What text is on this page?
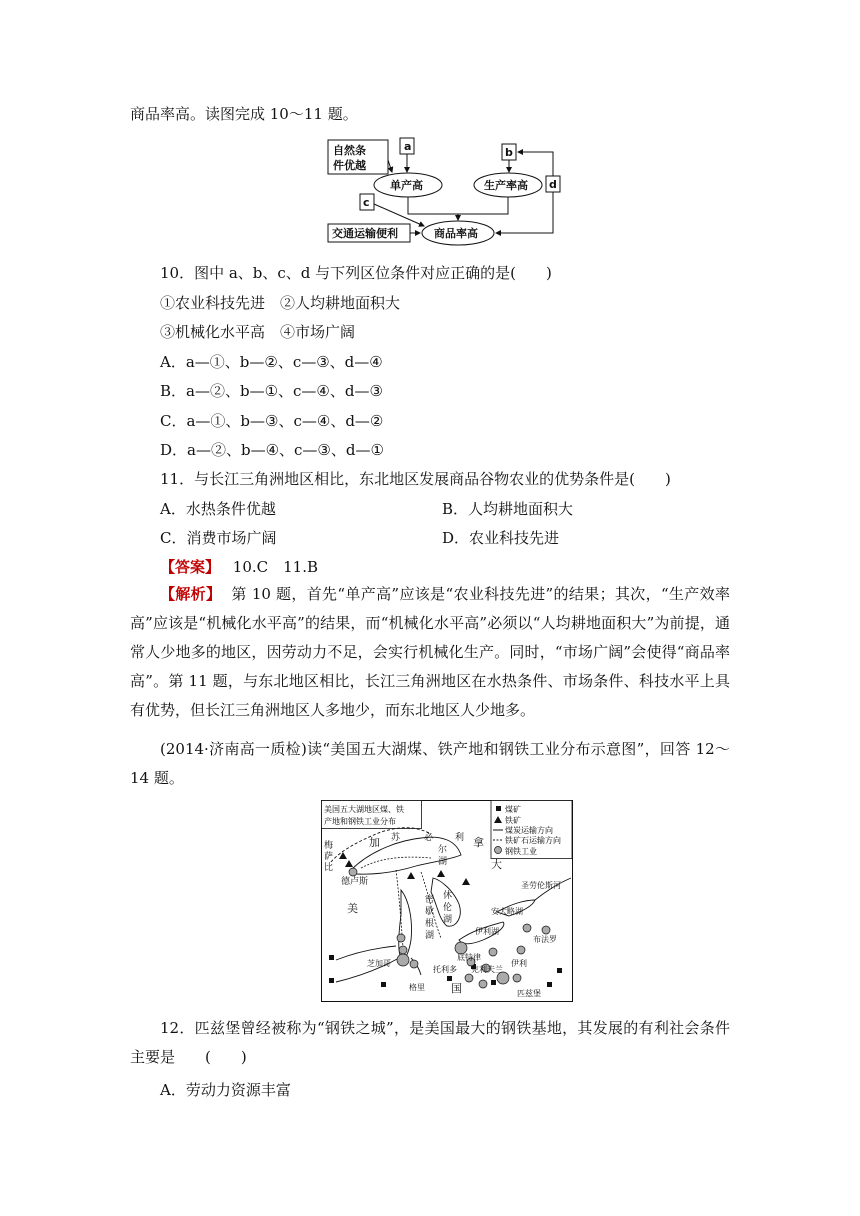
商品率高。读图完成 10～11 题。
自然条
件优越
a	b
d
c
单产高	生产率高
交通运输便利	商品率高
10．图中 a、b、c、d 与下列区位条件对应正确的是(　　)
①农业科技先进　②人均耕地面积大
③机械化水平高　④市场广阔
A．a—①、b—②、c—③、d—④
B．a—②、b—①、c—④、d—③
C．a—①、b—③、c—④、d—②
D．a—②、b—④、c—③、d—①
11．与长江三角洲地区相比，东北地区发展商品谷物农业的优势条件是(　　)
A．水热条件优越	B．人均耕地面积大
C．消费市场广阔	D．农业科技先进
【答案】 10.C　11.B
【解析】 第 10 题，首先“单产高”应该是“农业科技先进”的结果；其次，“生产效率高”应该是“机械化水平高”的结果，而“机械化水平高”必须以“人均耕地面积大”为前提，通常人少地多的地区，因劳动力不足，会实行机械化生产。同时，“市场广阔”会使得“商品率高”。第 11 题，与东北地区相比，长江三角洲地区在水热条件、市场条件、科技水平上具有优势，但长江三角洲地区人多地少，而东北地区人少地多。
(2014·济南高一质检)读“美国五大湖煤、铁产地和钢铁工业分布示意图”，回答 12～14 题。
美国五大湖地区煤、铁
产地和钢铁工业分布
煤矿
铁矿
煤炭运输方向
铁矿石运输方向
钢铁工业
加 苏	必 利
尔
湖
拿
大
梅
萨
比
德卢斯
美
休
伦
湖
密
歇
根
湖
圣劳伦斯河
安大略湖
伊利湖
布法罗
底特律
芝加哥
托利多 克利夫兰
伊利
格里 国	匹兹堡
12．匹兹堡曾经被称为“钢铁之城”，是美国最大的钢铁基地，其发展的有利社会条件主要是　　(　　)
A．劳动力资源丰富
